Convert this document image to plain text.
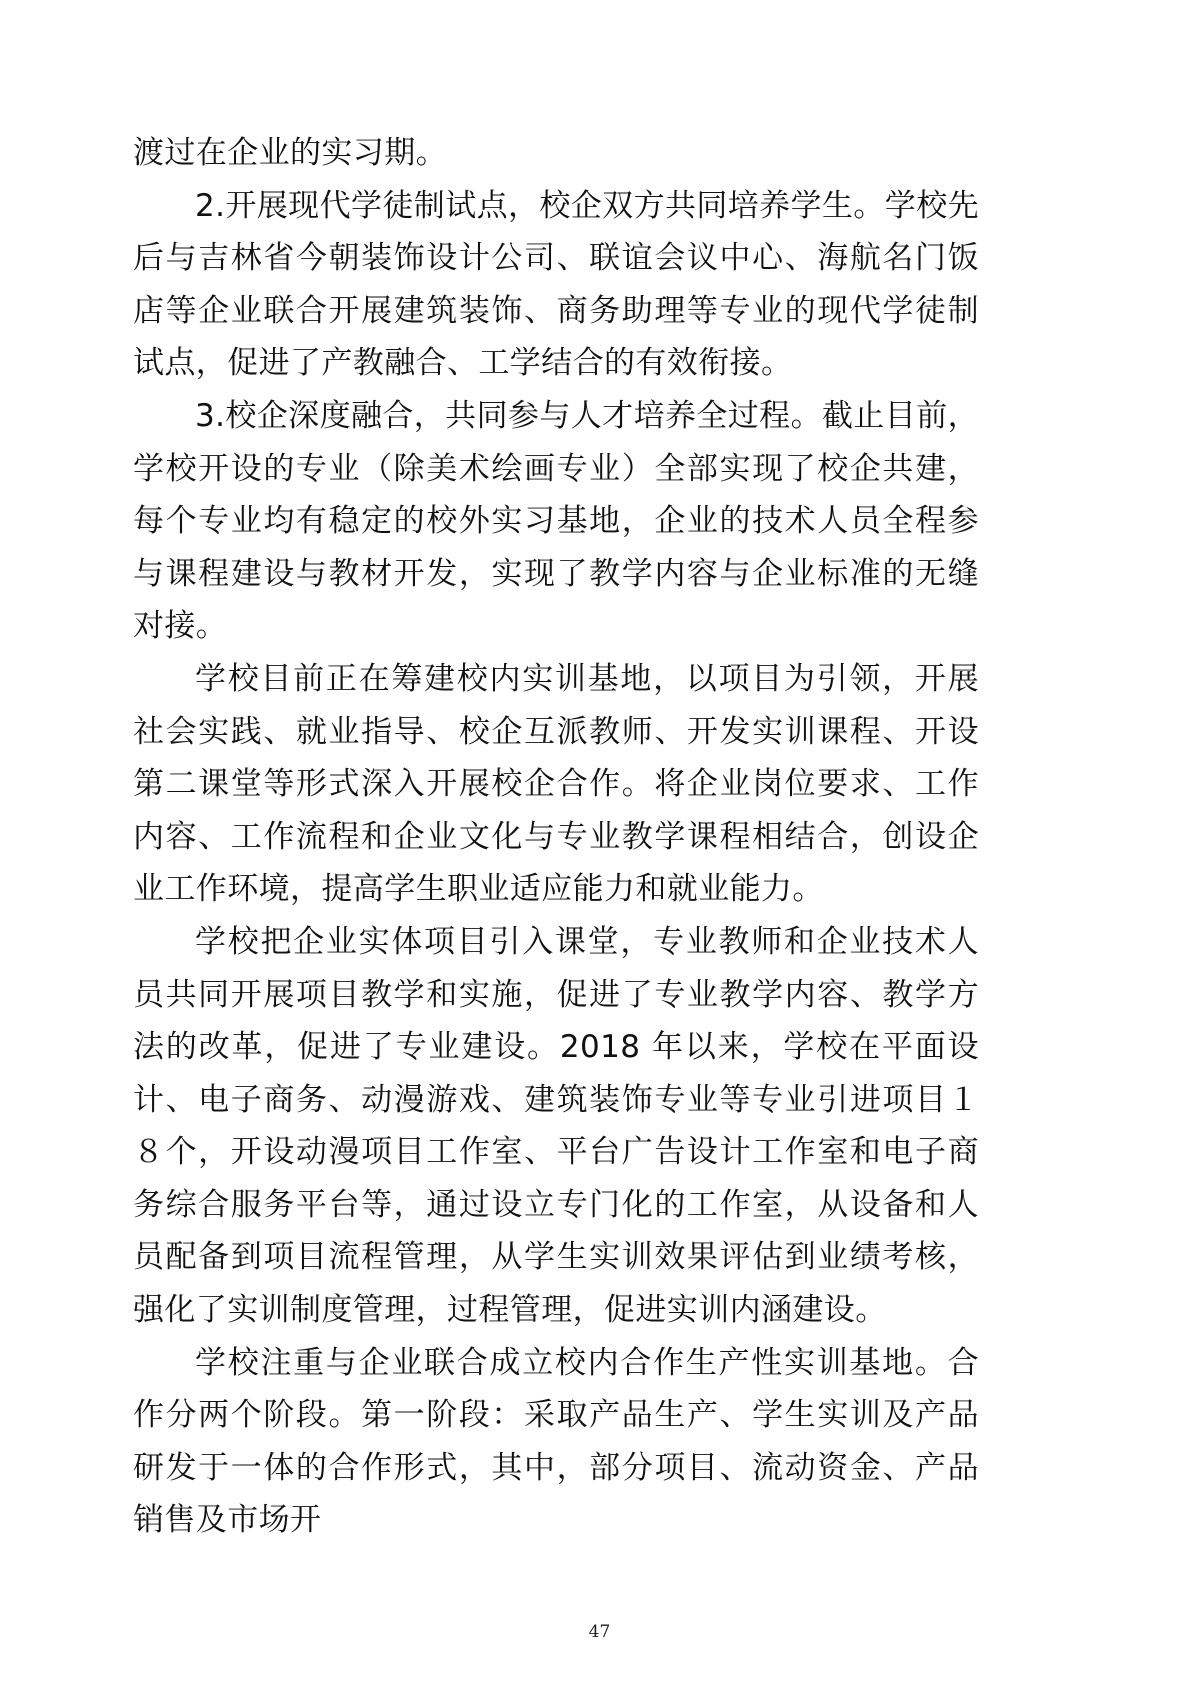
渡过在企业的实习期。

2.开展现代学徒制试点，校企双方共同培养学生。学校先后与吉林省今朝装饰设计公司、联谊会议中心、海航名门饭店等企业联合开展建筑装饰、商务助理等专业的现代学徒制试点，促进了产教融合、工学结合的有效衔接。

3.校企深度融合，共同参与人才培养全过程。截止目前，学校开设的专业（除美术绘画专业）全部实现了校企共建，每个专业均有稳定的校外实习基地，企业的技术人员全程参与课程建设与教材开发，实现了教学内容与企业标准的无缝对接。

学校目前正在筹建校内实训基地，以项目为引领，开展社会实践、就业指导、校企互派教师、开发实训课程、开设第二课堂等形式深入开展校企合作。将企业岗位要求、工作内容、工作流程和企业文化与专业教学课程相结合，创设企业工作环境，提高学生职业适应能力和就业能力。

学校把企业实体项目引入课堂，专业教师和企业技术人员共同开展项目教学和实施，促进了专业教学内容、教学方法的改革，促进了专业建设。2018 年以来，学校在平面设计、电子商务、动漫游戏、建筑装饰专业等专业引进项目１８个，开设动漫项目工作室、平台广告设计工作室和电子商务综合服务平台等，通过设立专门化的工作室，从设备和人员配备到项目流程管理，从学生实训效果评估到业绩考核，强化了实训制度管理，过程管理，促进实训内涵建设。

学校注重与企业联合成立校内合作生产性实训基地。合作分两个阶段。第一阶段：采取产品生产、学生实训及产品研发于一体的合作形式，其中，部分项目、流动资金、产品销售及市场开

47
